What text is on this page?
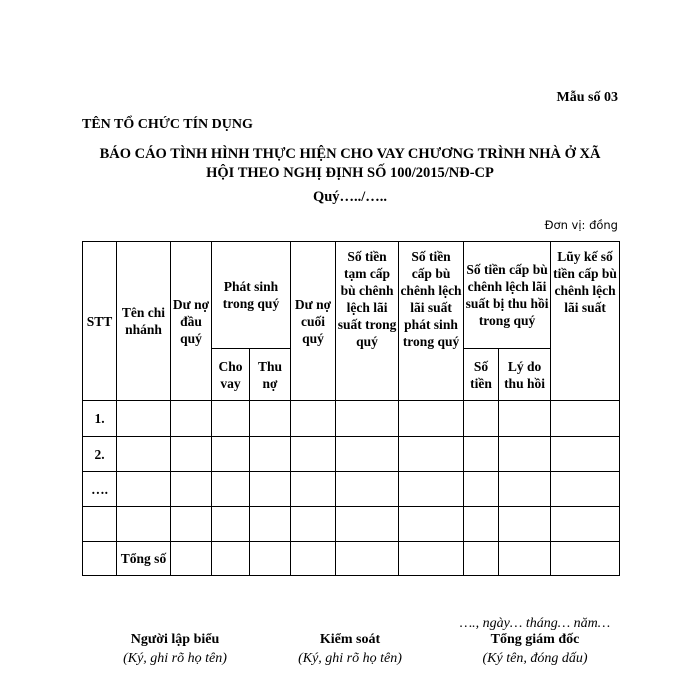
Mẫu số 03
TÊN TỔ CHỨC TÍN DỤNG
BÁO CÁO TÌNH HÌNH THỰC HIỆN CHO VAY CHƯƠNG TRÌNH NHÀ Ở XÃ
HỘI THEO NGHỊ ĐỊNH SỐ 100/2015/NĐ-CP
Quý…../…..
Đơn vị: đồng
STT	Tên chi nhánh	Dư nợ đầu quý	Phát sinh trong quý		Dư nợ cuối quý	Số tiền tạm cấp bù chênh lệch lãi suất trong quý	Số tiền cấp bù chênh lệch lãi suất phát sinh trong quý	Số tiền cấp bù chênh lệch lãi suất bị thu hồi trong quý		Lũy kế số tiền cấp bù chênh lệch lãi suất
			Cho vay	Thu nợ				Số tiền	Lý do thu hồi	
1.										
2.										
….										

	Tổng số									
…., ngày… tháng… năm…
Người lập biểu
(Ký, ghi rõ họ tên)
Kiểm soát
(Ký, ghi rõ họ tên)
Tổng giám đốc
(Ký tên, đóng dấu)
